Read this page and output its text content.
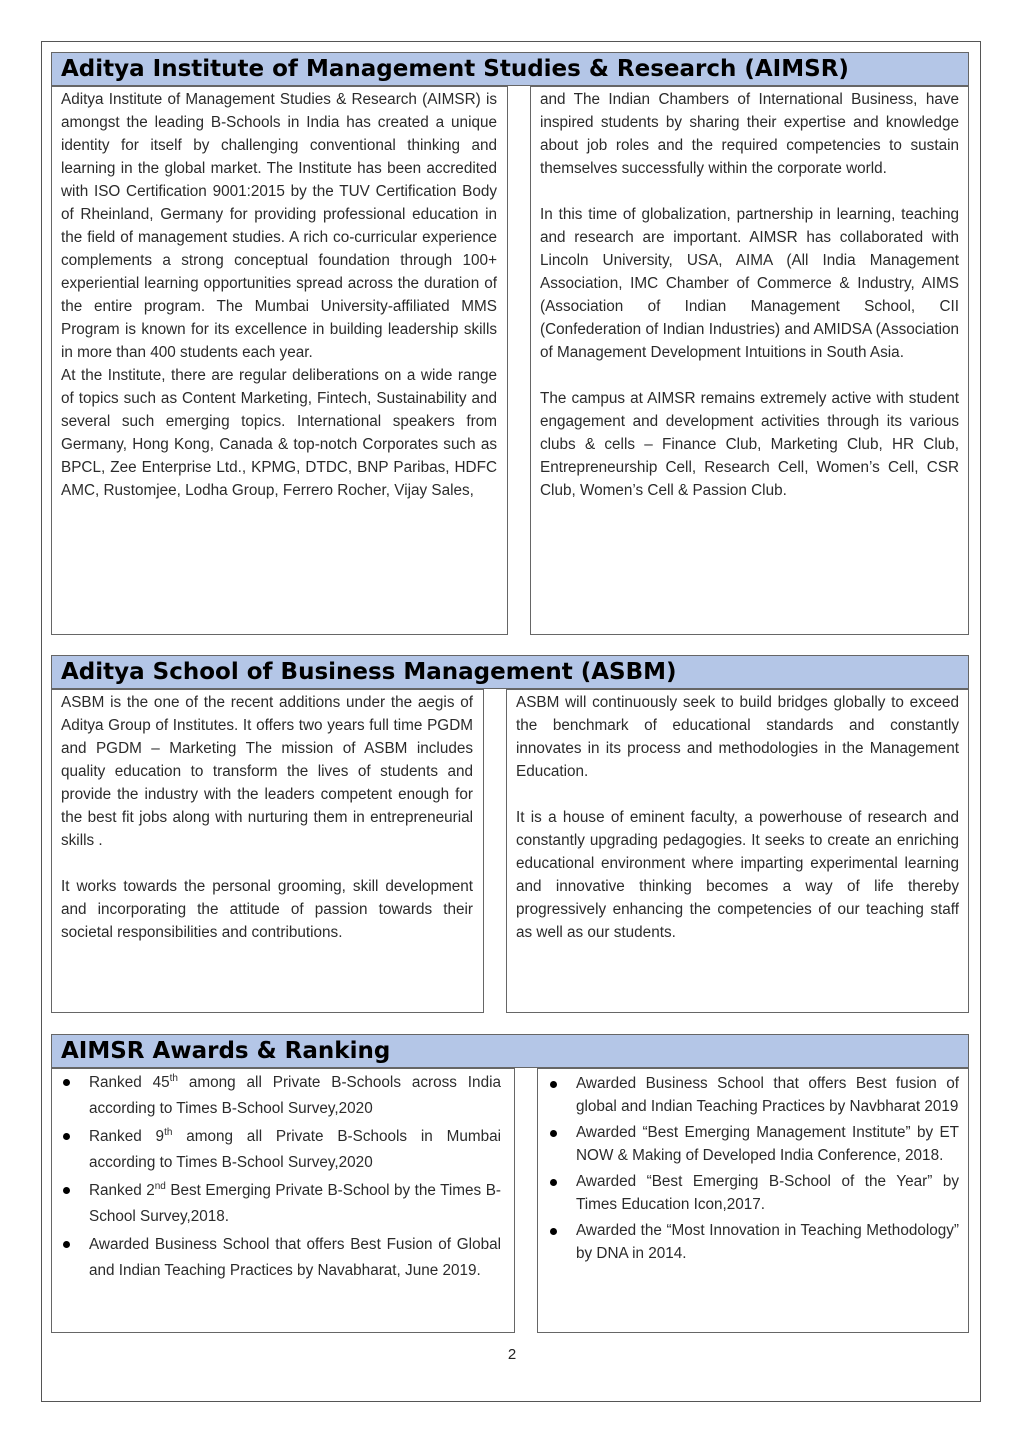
Aditya Institute of Management Studies & Research (AIMSR)

Aditya Institute of Management Studies & Research (AIMSR) is amongst the leading B-Schools in India has created a unique identity for itself by challenging conventional thinking and learning in the global market. The Institute has been accredited with ISO Certification 9001:2015 by the TUV Certification Body of Rheinland, Germany for providing professional education in the field of management studies. A rich co-curricular experience complements a strong conceptual foundation through 100+ experiential learning opportunities spread across the duration of the entire program. The Mumbai University-affiliated MMS Program is known for its excellence in building leadership skills in more than 400 students each year.

At the Institute, there are regular deliberations on a wide range of topics such as Content Marketing, Fintech, Sustainability and several such emerging topics. International speakers from Germany, Hong Kong, Canada & top-notch Corporates such as BPCL, Zee Enterprise Ltd., KPMG, DTDC, BNP Paribas, HDFC AMC, Rustomjee, Lodha Group, Ferrero Rocher, Vijay Sales,

and The Indian Chambers of International Business, have inspired students by sharing their expertise and knowledge about job roles and the required competencies to sustain themselves successfully within the corporate world.

In this time of globalization, partnership in learning, teaching and research are important. AIMSR has collaborated with Lincoln University, USA, AIMA (All India Management Association, IMC Chamber of Commerce & Industry, AIMS (Association of Indian Management School, CII (Confederation of Indian Industries) and AMIDSA (Association of Management Development Intuitions in South Asia.

The campus at AIMSR remains extremely active with student engagement and development activities through its various clubs & cells – Finance Club, Marketing Club, HR Club, Entrepreneurship Cell, Research Cell, Women’s Cell, CSR Club, Women’s Cell & Passion Club.

Aditya School of Business Management (ASBM)

ASBM is the one of the recent additions under the aegis of Aditya Group of Institutes. It offers two years full time PGDM and PGDM – Marketing The mission of ASBM includes quality education to transform the lives of students and provide the industry with the leaders competent enough for the best fit jobs along with nurturing them in entrepreneurial skills .

It works towards the personal grooming, skill development and incorporating the attitude of passion towards their societal responsibilities and contributions.

ASBM will continuously seek to build bridges globally to exceed the benchmark of educational standards and constantly innovates in its process and methodologies in the Management Education.

It is a house of eminent faculty, a powerhouse of research and constantly upgrading pedagogies. It seeks to create an enriching educational environment where imparting experimental learning and innovative thinking becomes a way of life thereby progressively enhancing the competencies of our teaching staff as well as our students.

AIMSR Awards & Ranking
Ranked 45th among all Private B-Schools across India according to Times B-School Survey,2020
Ranked 9th among all Private B-Schools in Mumbai according to Times B-School Survey,2020
Ranked 2nd Best Emerging Private B-School by the Times B-School Survey,2018.
Awarded Business School that offers Best Fusion of Global and Indian Teaching Practices by Navabharat, June 2019.
Awarded Business School that offers Best fusion of global and Indian Teaching Practices by Navbharat 2019
Awarded “Best Emerging Management Institute” by ET NOW & Making of Developed India Conference, 2018.
Awarded “Best Emerging B-School of the Year” by Times Education Icon,2017.
Awarded the “Most Innovation in Teaching Methodology” by DNA in 2014.
2
